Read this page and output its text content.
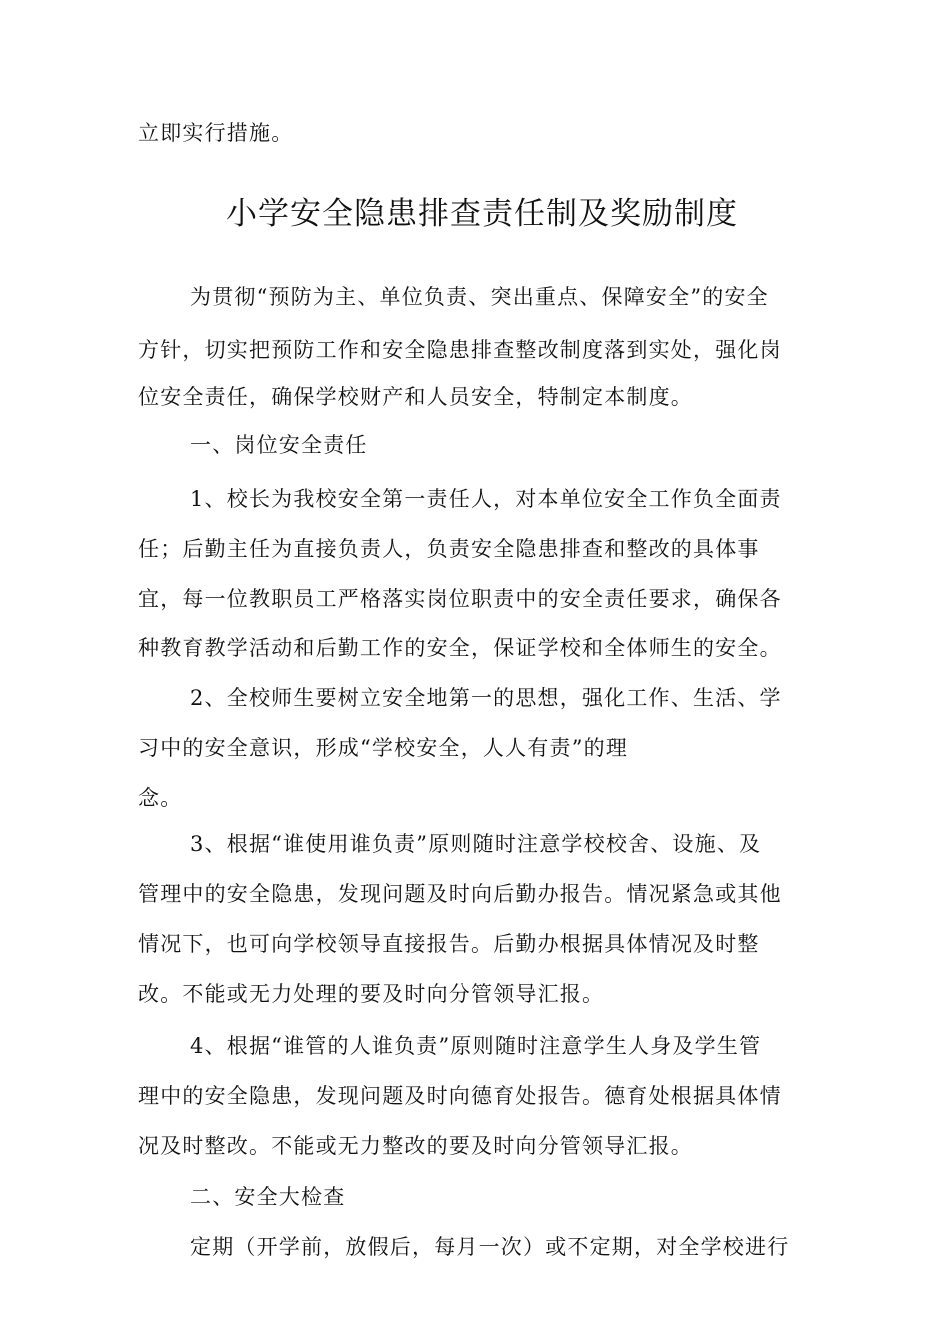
立即实行措施。
小学安全隐患排查责任制及奖励制度
为贯彻“预防为主、单位负责、突出重点、保障安全”的安全
方针，切实把预防工作和安全隐患排查整改制度落到实处，强化岗
位安全责任，确保学校财产和人员安全，特制定本制度。
一、岗位安全责任
1、校长为我校安全第一责任人，对本单位安全工作负全面责
任；后勤主任为直接负责人，负责安全隐患排查和整改的具体事
宜，每一位教职员工严格落实岗位职责中的安全责任要求，确保各
种教育教学活动和后勤工作的安全，保证学校和全体师生的安全。
2、全校师生要树立安全地第一的思想，强化工作、生活、学
习中的安全意识，形成“学校安全，人人有责”的理
念。
3、根据“谁使用谁负责”原则随时注意学校校舍、设施、及
管理中的安全隐患，发现问题及时向后勤办报告。情况紧急或其他
情况下，也可向学校领导直接报告。后勤办根据具体情况及时整
改。不能或无力处理的要及时向分管领导汇报。
4、根据“谁管的人谁负责”原则随时注意学生人身及学生管
理中的安全隐患，发现问题及时向德育处报告。德育处根据具体情
况及时整改。不能或无力整改的要及时向分管领导汇报。
二、安全大检查
定期（开学前，放假后，每月一次）或不定期，对全学校进行
